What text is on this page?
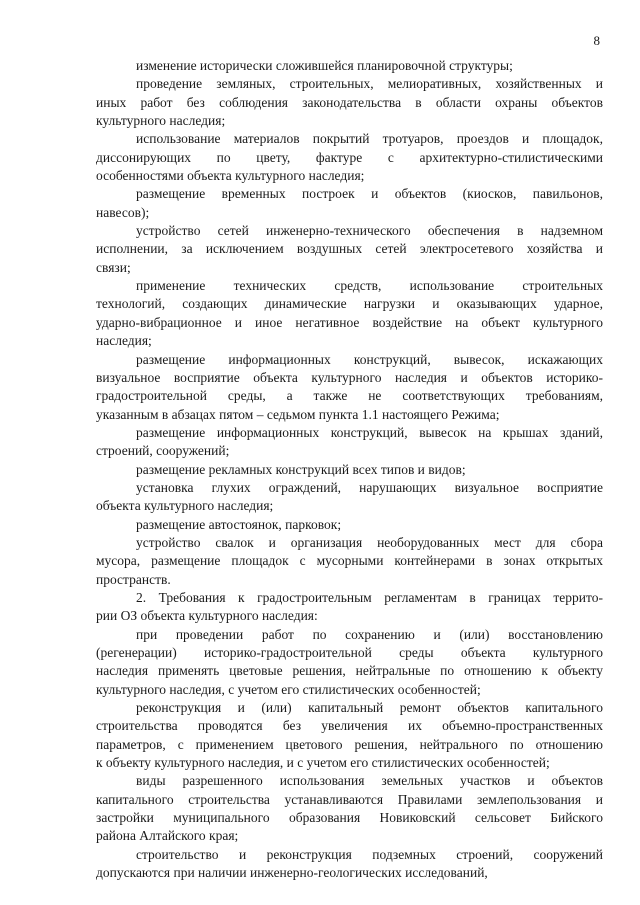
8
изменение исторически сложившейся планировочной структуры;
проведение земляных, строительных, мелиоративных, хозяйственных и
иных работ без соблюдения законодательства в области охраны объектов
культурного наследия;
использование материалов покрытий тротуаров, проездов и площадок,
диссонирующих по цвету, фактуре с архитектурно-стилистическими
особенностями объекта культурного наследия;
размещение временных построек и объектов (киосков, павильонов,
навесов);
устройство сетей инженерно-технического обеспечения в надземном
исполнении, за исключением воздушных сетей электросетевого хозяйства и
связи;
применение технических средств, использование строительных
технологий, создающих динамические нагрузки и оказывающих ударное,
ударно-вибрационное и иное негативное воздействие на объект культурного
наследия;
размещение информационных конструкций, вывесок, искажающих
визуальное восприятие объекта культурного наследия и объектов историко-
градостроительной среды, а также не соответствующих требованиям,
указанным в абзацах пятом – седьмом пункта 1.1 настоящего Режима;
размещение информационных конструкций, вывесок на крышах зданий,
строений, сооружений;
размещение рекламных конструкций всех типов и видов;
установка глухих ограждений, нарушающих визуальное восприятие
объекта культурного наследия;
размещение автостоянок, парковок;
устройство свалок и организация необорудованных мест для сбора
мусора, размещение площадок с мусорными контейнерами в зонах открытых
пространств.
2. Требования к градостроительным регламентам в границах террито-
рии ОЗ объекта культурного наследия:
при проведении работ по сохранению и (или) восстановлению
(регенерации) историко-градостроительной среды объекта культурного
наследия применять цветовые решения, нейтральные по отношению к объекту
культурного наследия, с учетом его стилистических особенностей;
реконструкция и (или) капитальный ремонт объектов капитального
строительства проводятся без увеличения их объемно-пространственных
параметров, с применением цветового решения, нейтрального по отношению
к объекту культурного наследия, и с учетом его стилистических особенностей;
виды разрешенного использования земельных участков и объектов
капитального строительства устанавливаются Правилами землепользования и
застройки муниципального образования Новиковский сельсовет Бийского
района Алтайского края;
строительство и реконструкция подземных строений, сооружений
допускаются при наличии инженерно-геологических исследований,
